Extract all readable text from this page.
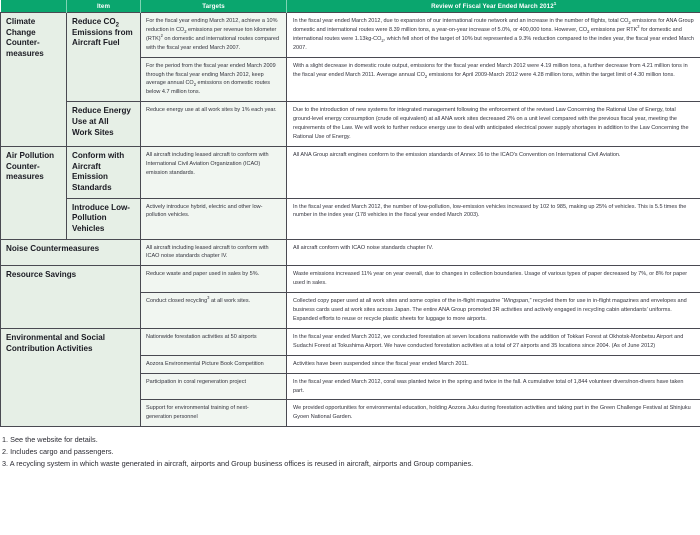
	Item	Targets	Review of Fiscal Year Ended March 2012$^1$
Climate
Change
Counter-
measures	Reduce $CO_2$
Emissions from
Aircraft Fuel	For the fiscal year ending March 2012, achieve a 10% reduction in $CO_2$ emissions per revenue ton kilometer (RTK)$^2$ on domestic and international routes compared with the fiscal year ended March 2007.	In the fiscal year ended March 2012, due to expansion of our international route network and an increase in the number of flights, total $CO_2$ emissions for ANA Group domestic and international routes were 8.39 million tons, a year-on-year increase of 5.0%, or 400,000 tons. However, $CO_2$ emissions per RTK$^2$ for domestic and international routes were $1.13kg-CO_2$, which fell short of the target of 10% but represented a 9.3% reduction compared to the index year, the fiscal year ended March 2007.
		For the period from the fiscal year ended March 2009 through the fiscal year ending March 2012, keep average annual $CO_2$ emissions on domestic routes below 4.7 million tons.	With a slight decrease in domestic route output, emissions for the fiscal year ended March 2012 were 4.19 million tons, a further decrease from 4.21 million tons in the fiscal year ended March 2011. Average annual $CO_2$ emissions for April 2009-March 2012 were 4.28 million tons, within the target limit of 4.30 million tons.
Reduce Energy
Use at All
Work Sites	Reduce energy use at all work sites by 1% each year.	Due to the introduction of new systems for integrated management following the enforcement of the revised Law Concerning the Rational Use of Energy, total ground-level energy consumption (crude oil equivalent) at all ANA work sites decreased 2% on a unit level compared with the previous fiscal year, meeting the requirements of the Law. We will work to further reduce energy use to deal with anticipated electrical power supply shortages in addition to the Law Concerning the Rational Use of Energy.
Air Pollution
Counter-
measures	Conform with
Aircraft Emission
Standards	All aircraft including leased aircraft to conform with International Civil Aviation Organization (ICAO) emission standards.	All ANA Group aircraft engines conform to the emission standards of Annex 16 to the ICAO's Convention on International Civil Aviation.
	Introduce Low-
Pollution Vehicles	Actively introduce hybrid, electric and other low-pollution vehicles.	In the fiscal year ended March 2012, the number of low-pollution, low-emission vehicles increased by 102 to 985, making up 25% of vehicles. This is 5.5 times the number in the index year (178 vehicles in the fiscal year ended March 2003).
Noise Countermeasures		All aircraft including leased aircraft to conform with ICAO noise standards chapter IV.	All aircraft conform with ICAO noise standards chapter IV.
Resource Savings		Reduce waste and paper used in sales by 5%.	Waste emissions increased 11% year on year overall, due to changes in collection boundaries. Usage of various types of paper decreased by 7%, or 8% for paper used in sales.
		Conduct closed recycling$^3$ at all work sites.	Collected copy paper used at all work sites and some copies of the in-flight magazine “Wingspan,” recycled them for use in in-flight magazines and envelopes and business cards used at work sites across Japan. The entire ANA Group promoted 3R activities and actively engaged in recycling cabin attendants’ uniforms. Expanded efforts to reuse or recycle plastic sheets for luggage to more airports.
Environmental and Social
Contribution Activities		Nationwide forestation activities at 50 airports	In the fiscal year ended March 2012, we conducted forestation at seven locations nationwide with the addition of Tokkari Forest at Okhotsk-Monbetsu Airport and Sudachi Forest at Tokushima Airport. We have conducted forestation activities at a total of 27 airports and 35 locations since 2004. (As of June 2012)
		Aozora Environmental Picture Book Competition	Activities have been suspended since the fiscal year ended March 2011.
		Participation in coral regeneration project	In the fiscal year ended March 2012, coral was planted twice in the spring and twice in the fall. A cumulative total of 1,844 volunteer divers/non-divers have taken part.
		Support for environmental training of next-
generation personnel	We provided opportunities for environmental education, holding Aozora Juku during forestation activities and taking part in the Green Challenge Festival at Shinjuku Gyoen National Garden.
1. See the website for details.
2. Includes cargo and passengers.
3. A recycling system in which waste generated in aircraft, airports and Group business offices is reused in aircraft, airports and Group companies.
